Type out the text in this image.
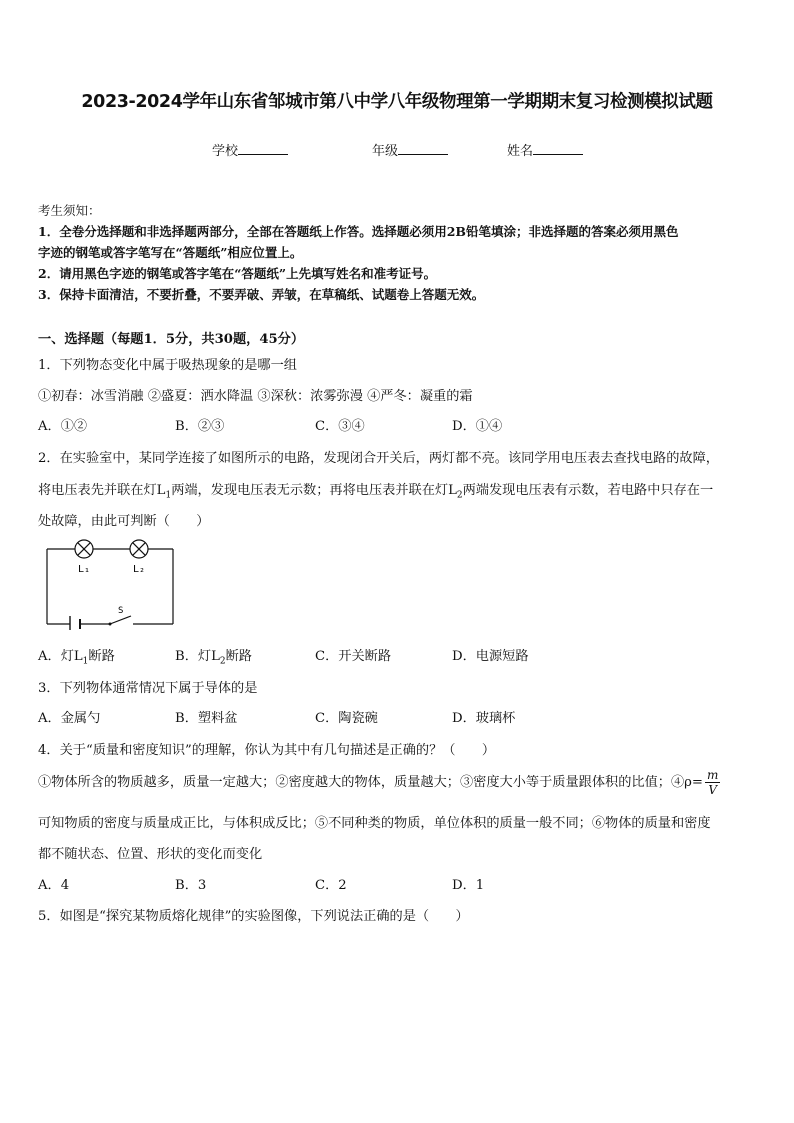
2023-2024学年山东省邹城市第八中学八年级物理第一学期期末复习检测模拟试题
学校	年级	姓名
考生须知：
1．全卷分选择题和非选择题两部分，全部在答题纸上作答。选择题必须用2B铅笔填涂；非选择题的答案必须用黑色
字迹的钢笔或答字笔写在“答题纸”相应位置上。
2．请用黑色字迹的钢笔或答字笔在“答题纸”上先填写姓名和准考证号。
3．保持卡面清洁，不要折叠，不要弄破、弄皱，在草稿纸、试题卷上答题无效。
一、选择题（每题1．5分，共30题，45分）
1．下列物态变化中属于吸热现象的是哪一组
①初春：冰雪消融 ②盛夏：洒水降温 ③深秋：浓雾弥漫 ④严冬：凝重的霜
A．①②	B．②③	C．③④	D．①④
2．在实验室中，某同学连接了如图所示的电路，发现闭合开关后，两灯都不亮。该同学用电压表去查找电路的故障，
将电压表先并联在灯$L_1$两端，发现电压表无示数；再将电压表并联在灯$L_2$两端发现电压表有示数，若电路中只存在一
处故障，由此可判断（　　）
L₁	L₂
S
A．灯$L_1$断路	B．灯$L_2$断路	C．开关断路	D．电源短路
3．下列物体通常情况下属于导体的是
A．金属勺	B．塑料盆	C．陶瓷碗	D．玻璃杯
4．关于“质量和密度知识”的理解，你认为其中有几句描述是正确的？（　　）
①物体所含的物质越多，质量一定越大；②密度越大的物体，质量越大；③密度大小等于质量跟体积的比值；④ρ= $\frac{m}{V}$
可知物质的密度与质量成正比，与体积成反比；⑤不同种类的物质，单位体积的质量一般不同；⑥物体的质量和密度
都不随状态、位置、形状的变化而变化
A．4	B．3	C．2	D．1
5．如图是“探究某物质熔化规律”的实验图像，下列说法正确的是（　　）
